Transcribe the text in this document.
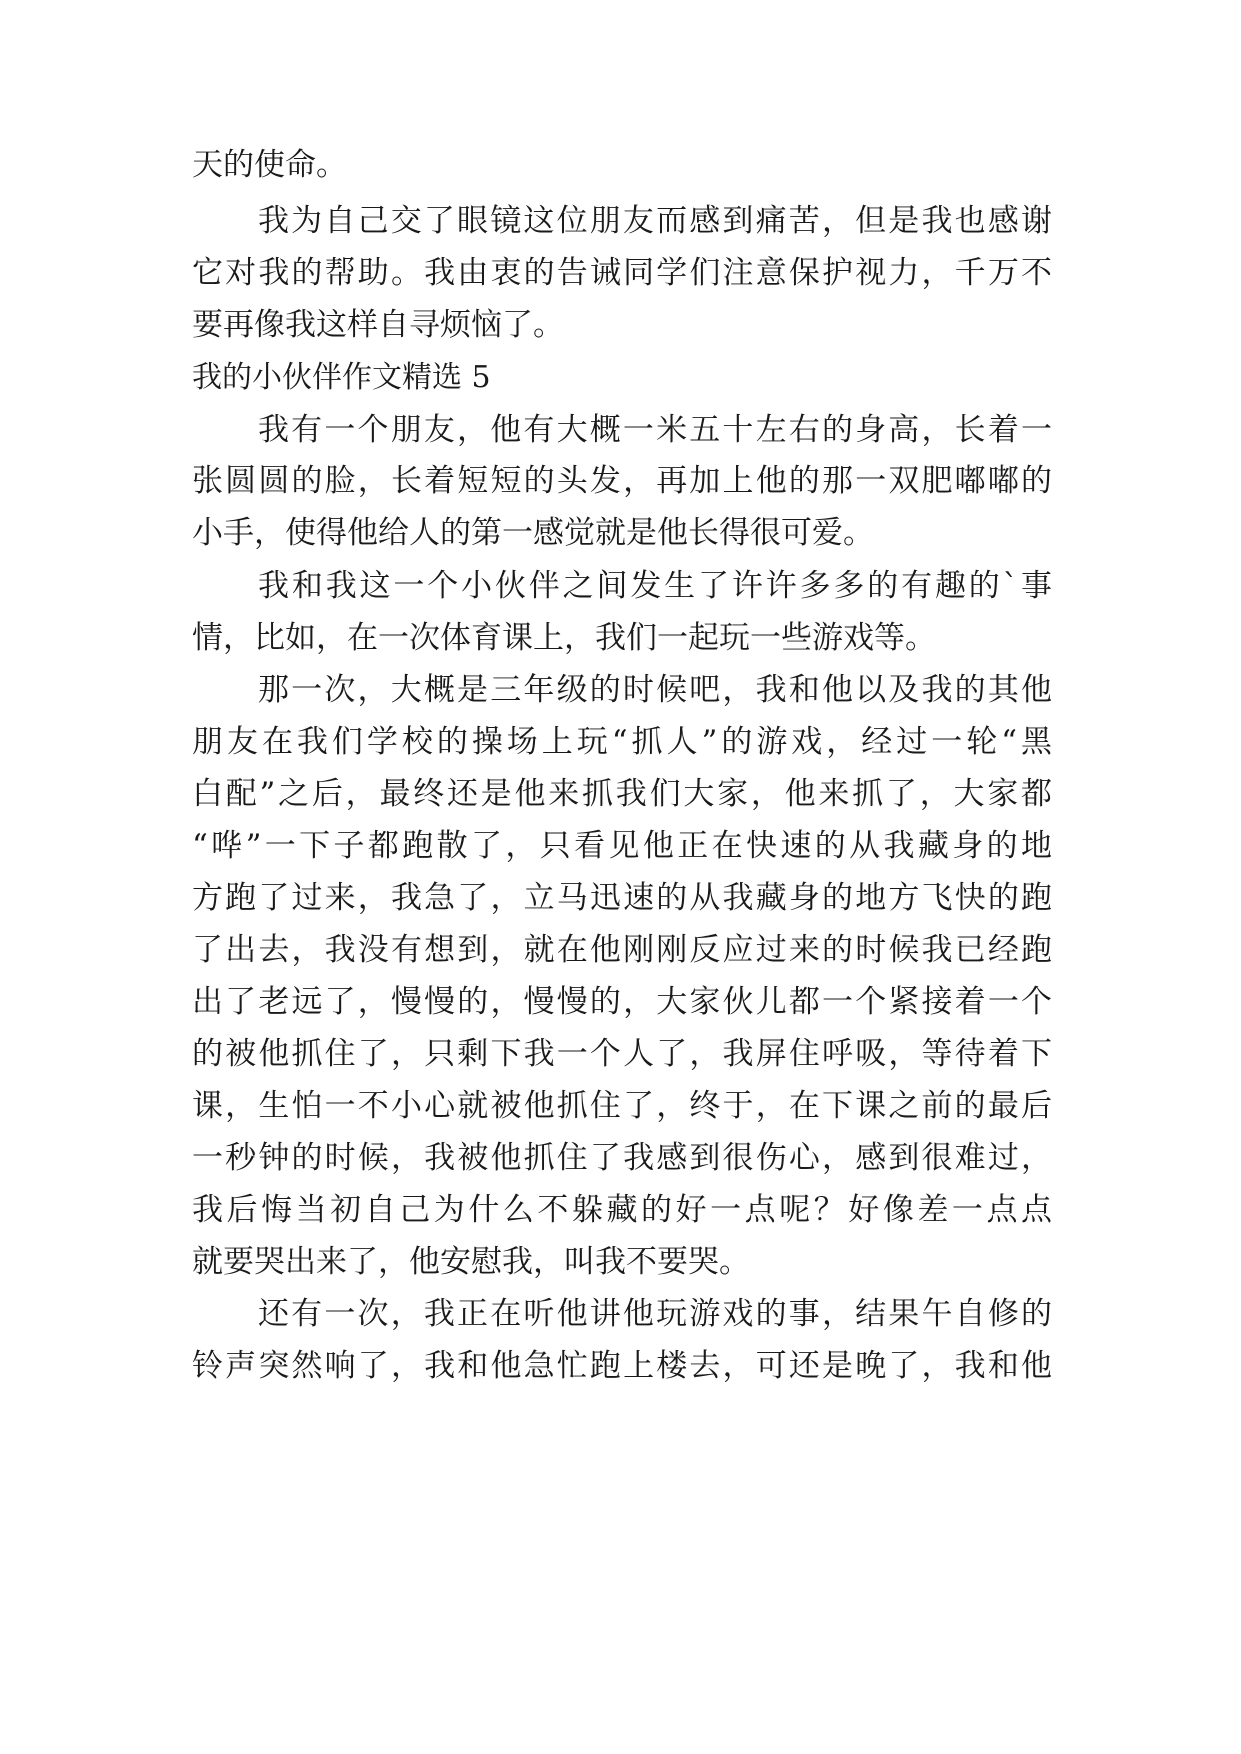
天的使命。
我为自己交了眼镜这位朋友而感到痛苦，但是我也感谢
它对我的帮助。我由衷的告诫同学们注意保护视力，千万不
要再像我这样自寻烦恼了。
我的小伙伴作文精选 5
我有一个朋友，他有大概一米五十左右的身高，长着一
张圆圆的脸，长着短短的头发，再加上他的那一双肥嘟嘟的
小手，使得他给人的第一感觉就是他长得很可爱。
我和我这一个小伙伴之间发生了许许多多的有趣的`事
情，比如，在一次体育课上，我们一起玩一些游戏等。
那一次，大概是三年级的时候吧，我和他以及我的其他
朋友在我们学校的操场上玩“抓人”的游戏，经过一轮“黑
白配”之后，最终还是他来抓我们大家，他来抓了，大家都
“哗”一下子都跑散了，只看见他正在快速的从我藏身的地
方跑了过来，我急了，立马迅速的从我藏身的地方飞快的跑
了出去，我没有想到，就在他刚刚反应过来的时候我已经跑
出了老远了，慢慢的，慢慢的，大家伙儿都一个紧接着一个
的被他抓住了，只剩下我一个人了，我屏住呼吸，等待着下
课，生怕一不小心就被他抓住了，终于，在下课之前的最后
一秒钟的时候，我被他抓住了我感到很伤心，感到很难过，
我后悔当初自己为什么不躲藏的好一点呢？好像差一点点
就要哭出来了，他安慰我，叫我不要哭。
还有一次，我正在听他讲他玩游戏的事，结果午自修的
铃声突然响了，我和他急忙跑上楼去，可还是晚了，我和他
